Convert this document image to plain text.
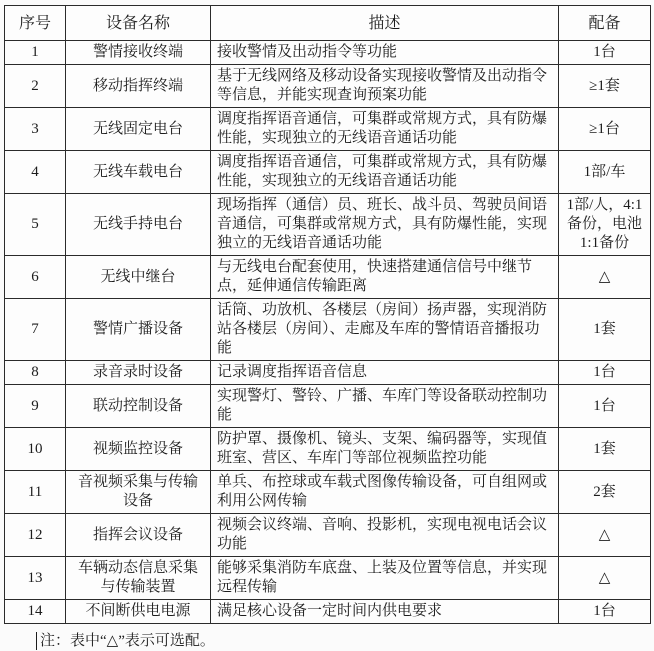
序号	设备名称	描述	配备
1	警情接收终端	接收警情及出动指令等功能	1台
2	移动指挥终端	基于无线网络及移动设备实现接收警情及出动指令等信息，并能实现查询预案功能	≥1套
3	无线固定电台	调度指挥语音通信，可集群或常规方式，具有防爆性能，实现独立的无线语音通话功能	≥1台
4	无线车载电台	调度指挥语音通信，可集群或常规方式，具有防爆性能，实现独立的无线语音通话功能	1部/车
5	无线手持电台	现场指挥（通信）员、班长、战斗员、驾驶员间语音通信，可集群或常规方式，具有防爆性能，实现独立的无线语音通话功能	1部/人，4:1备份，电池1:1备份
6	无线中继台	与无线电台配套使用，快速搭建通信信号中继节点，延伸通信传输距离	△
7	警情广播设备	话筒、功放机、各楼层（房间）扬声器，实现消防站各楼层（房间）、走廊及车库的警情语音播报功能	1套
8	录音录时设备	记录调度指挥语音信息	1台
9	联动控制设备	实现警灯、警铃、广播、车库门等设备联动控制功能	1台
10	视频监控设备	防护罩、摄像机、镜头、支架、编码器等，实现值班室、营区、车库门等部位视频监控功能	1套
11	音视频采集与传输设备	单兵、布控球或车载式图像传输设备，可自组网或利用公网传输	2套
12	指挥会议设备	视频会议终端、音响、投影机，实现电视电话会议功能	△
13	车辆动态信息采集与传输装置	能够采集消防车底盘、上装及位置等信息，并实现远程传输	△
14	不间断供电电源	满足核心设备一定时间内供电要求	1台
注：表中“△”表示可选配。
